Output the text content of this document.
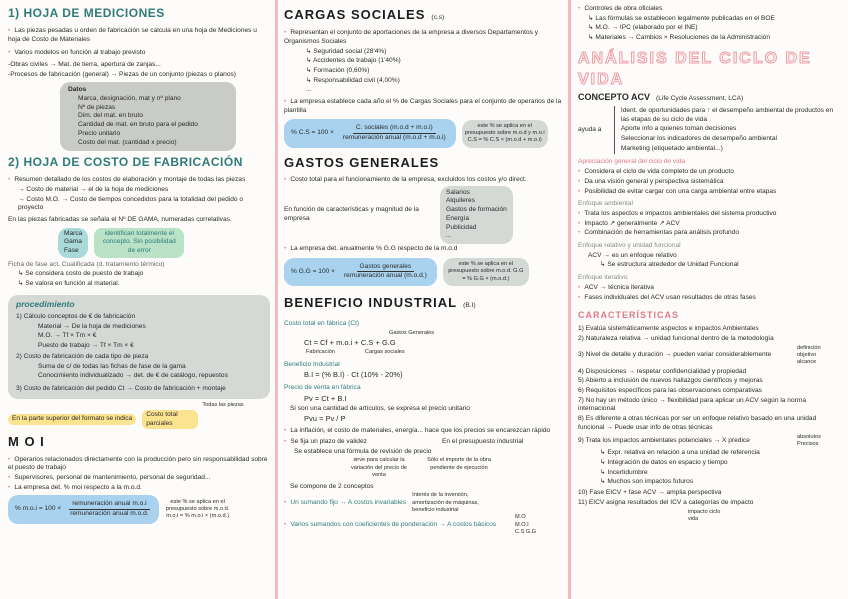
1) HOJA DE MEDICIONES
• Las piezas pesadas u orden de fabricación se calcula en una hoja de Mediciones u hoja de Costo de Materiales
• Varios modelos en función al trabajo previsto
-Obras civiles → Mat. de tierra, apertura de zanjas...
-Procesos de fabricación (general) → Piezas de un conjunto (piezas o planos)
Datos
Marca, designación, mat y nº plano
Nº de piezas
Dim. del mat. en bruto
Cantidad de mat. en bruto para el pedido
Precio unitario
Costo del mat. (cantidad x precio)
2) HOJA DE COSTO DE FABRICACIÓN
• Resumen detallado de los costos de elaboración y montaje de todas las piezas
→ Costo de material → el de la hoja de mediciones
→ Costo M.O. → Costo de tiempos concedidos para la totalidad del pedido o proyecto
En las piezas fabricadas se señala el Nº DE GAMA, numeradas correlativas.
Marca
Gama
Fase
identifican totalmente el concepto. Sin posibilidad de error
Ficha de fase act. Cualificada (d. tratamiento térmico)
↳ Se considera costo de puesto de trabajo
↳ Se valora en función al material.
procedimiento
1) Cálculo conceptos de € de fabricación
Material → De la hoja de mediciones
M.O. → Tf × Tm × €
Puesto de trabajo → Tf × Tm × €
2) Costo de fabricación de cada tipo de pieza
Suma de c/ de todas las fichas de fase de la gama
Conocimiento individualizado → det. de € de catálogo, repuestos
3) Costo de fabricación del pedido Ct → Costo de fabricación + montaje
Todas las piezas
En la parte superior del formato se indica
Costo total parciales
M O I
• Operarios relacionados directamente con la producción pero sin responsabilidad sobre el puesto de trabajo
• Supervisores, personal de mantenimiento, personal de seguridad...
• La empresa det. % moi respecto a la m.o.d.
% $m.o.i = 100 \times \frac{\text{remuneración anual m.o.i}}{\text{remuneración anual m.o.d.}}$	este % se aplica en el presupuesto sobre m.o.d. m.o.i = % m.o.i × (m.o.d.)
CARGAS SOCIALES (c.s)
• Representan el conjunto de aportaciones de la empresa a diversos Departamentos y Organismos Sociales
↳ Seguridad social (28'4%)
↳ Accidentes de trabajo (1'40%)
↳ Formación (0,60%)
↳ Responsabilidad civil (4,00%)
...
• La empresa establece cada año el % de Cargas Sociales para el conjunto de operarios de la plantilla
% $C.S = 100 \times \frac{\text{C. sociales (m.o.d + m.o.i)}}{\text{remuneración anual (m.o.d + m.o.i)}}$	este % se aplica en el presupuesto sobre m.o.d y m.o.i C.S = % C.S × (m.o.d + m.o.i)
GASTOS GENERALES
• Costo total para el funcionamiento de la empresa, excluidos los costos y/o direct.
En función de características y magnitud de la empresa
Salarios
Alquileres
Gastos de formación
Energía
Publicidad
...
• La empresa det. anualmente % G.G respecto de la m.o.d
% $G.G = 100 \times \frac{\text{Gastos generales}}{\text{remuneración anual (m.o.d.)}}$	este % se aplica en el presupuesto sobre m.o.d. G.G = % G.G × (m.o.d.)
BENEFICIO INDUSTRIAL (B.I)
Costo total en fábrica (Ct)
Gastos Generales
Ct = Cf + m.o.i + C.S + G.G
Fabricación	Cargas sociales
Beneficio Industrial
B.I = (% B.I) · Ct (10% - 20%)
Precio de venta en fábrica
Pv = Ct + B.I
Si son una cantidad de artículos, se expresa el precio unitario
Pvu = Pv / P
• La inflación, el costo de materiales, energía... hace que los precios se encarezcan rápido
• Se fija un plazo de validez
Se establece una fórmula de revisión de precio
En el presupuesto industrial
sirve para calcular la variación del precio de venta
Sólo el importe de la obra pendiente de ejecución
Se compone de 2 conceptos
• Un sumando fijo → A costos invariables
Interés de la inversión, amortización de máquinas, beneficio industrial
• Varios sumandos con coeficientes de ponderación → A costos básicos
M.O M.O.I C.S G.G
• Controles de obra oficiales
↳ Las fórmulas se establecen legalmente publicadas en el BOE
↳ M.O. → IPC (elaborado por el INE)
↳ Materiales → Cambios × Resoluciones de la Administración
ANÁLISIS DEL CICLO DE VIDA
CONCEPTO ACV (Life Cycle Assessment, LCA)
ayuda a
Ident. de oportunidades para ↑ el desempeño ambiental de productos en las etapas de su ciclo de vida
Aporte info a quienes toman decisiones
Seleccionar los indicadores de desempeño ambiental
Marketing (etiquetado ambiental...)
Apreciación general del ciclo de vida
• Considera el ciclo de vida completo de un producto
• Da una visión general y perspectiva sistemática
• Posibilidad de evitar cargar con una carga ambiental entre etapas
Enfoque ambiental
• Trata los aspectos e impactos ambientales del sistema productivo
• Impacto ↗ generalmente ↗ ACV
• Combinación de herramientas para análisis profundo
Enfoque relativo y unidad funcional
ACV → es un enfoque relativo
↳ Se estructura alrededor de Unidad Funcional
Enfoque iterativo
• ACV → técnica iterativa
• Fases individuales del ACV usan resultados de otras fases
CARACTERÍSTICAS
1) Evalúa sistemáticamente aspectos e impactos Ambientales
2) Naturaleza relativa → unidad funcional dentro de la metodología
3) Nivel de detalle y duración → pueden variar considerablemente
definición objetivo alcance
4) Disposiciones → respetar confidencialidad y propiedad
5) Abierto a inclusión de nuevos hallazgos científicos y mejoras
6) Requisitos específicos para las observaciones comparativas
7) No hay un método único → flexibilidad para aplicar un ACV según la norma internacional
8) Es diferente a otras técnicas por ser un enfoque relativo basado en una unidad funcional → Puede usar info de otras técnicas
9) Trata los impactos ambientales potenciales → X predice
absolutos Precisos
↳ Expr. relativa en relación a una unidad de referencia
↳ Integración de datos en espacio y tiempo
↳ Incertidumbre
↳ Muchos son impactos futuros
10) Fase EICV + fase ACV → amplia perspectiva
11) EICV asigna resultados del ICV a categorías de impacto
impacto ciclo vida
